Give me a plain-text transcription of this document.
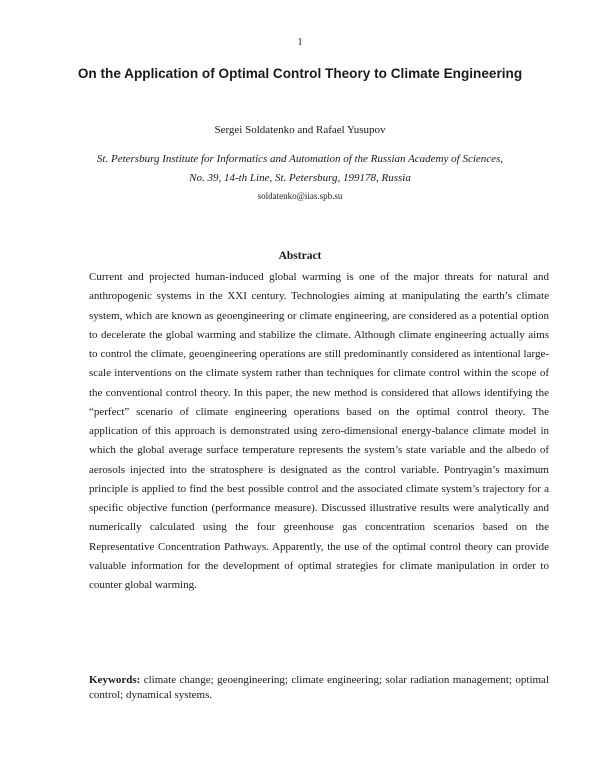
1
On the Application of Optimal Control Theory to Climate Engineering
Sergei Soldatenko and Rafael Yusupov
St. Petersburg Institute for Informatics and Automation of the Russian Academy of Sciences,
No. 39, 14-th Line, St. Petersburg, 199178, Russia
soldatenko@iias.spb.su
Abstract

Current and projected human-induced global warming is one of the major threats for natural and anthropogenic systems in the XXI century. Technologies aiming at manipulating the earth’s climate system, which are known as geoengineering or climate engineering, are considered as a potential option to decelerate the global warming and stabilize the climate. Although climate engineering actually aims to control the climate, geoengineering operations are still predominantly considered as intentional large-scale interventions on the climate system rather than techniques for climate control within the scope of the conventional control theory. In this paper, the new method is considered that allows identifying the “perfect” scenario of climate engineering operations based on the optimal control theory. The application of this approach is demonstrated using zero-dimensional energy-balance climate model in which the global average surface temperature represents the system’s state variable and the albedo of aerosols injected into the stratosphere is designated as the control variable. Pontryagin’s maximum principle is applied to find the best possible control and the associated climate system’s trajectory for a specific objective function (performance measure). Discussed illustrative results were analytically and numerically calculated using the four greenhouse gas concentration scenarios based on the Representative Concentration Pathways. Apparently, the use of the optimal control theory can provide valuable information for the development of optimal strategies for climate manipulation in order to counter global warming.

Keywords: climate change; geoengineering; climate engineering; solar radiation management; optimal control; dynamical systems.
